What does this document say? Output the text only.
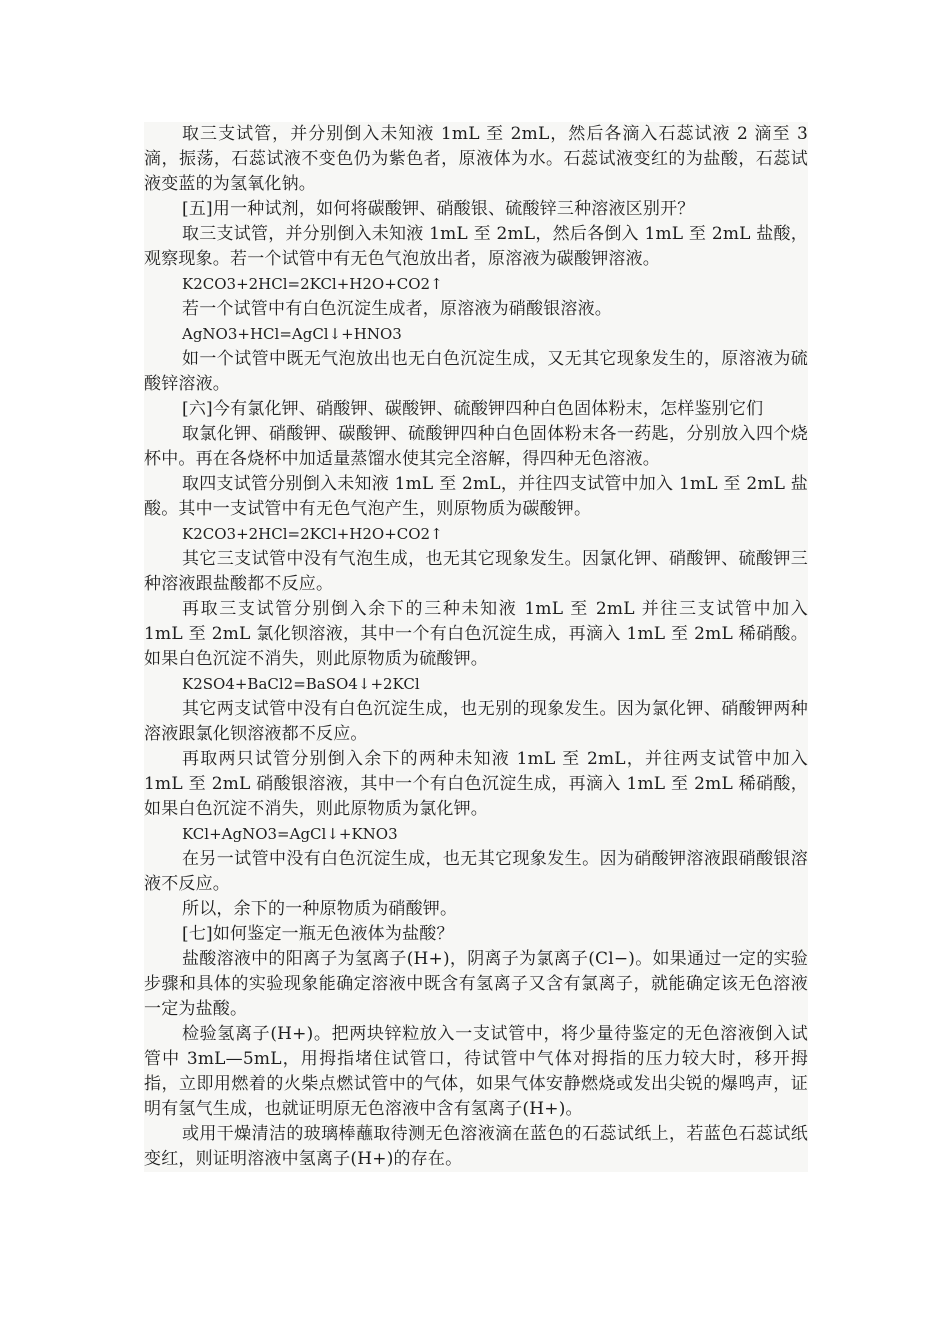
取三支试管，并分别倒入未知液 1mL 至 2mL，然后各滴入石蕊试液 2 滴至 3 滴，振荡，石蕊试液不变色仍为紫色者，原液体为水。石蕊试液变红的为盐酸，石蕊试液变蓝的为氢氧化钠。

[五]用一种试剂，如何将碳酸钾、硝酸银、硫酸锌三种溶液区别开？

取三支试管，并分别倒入未知液 1mL 至 2mL，然后各倒入 1mL 至 2mL 盐酸，观察现象。若一个试管中有无色气泡放出者，原溶液为碳酸钾溶液。

K2CO3+2HCl=2KCl+H2O+CO2↑

若一个试管中有白色沉淀生成者，原溶液为硝酸银溶液。

AgNO3+HCl=AgCl↓+HNO3

如一个试管中既无气泡放出也无白色沉淀生成，又无其它现象发生的，原溶液为硫酸锌溶液。

[六]今有氯化钾、硝酸钾、碳酸钾、硫酸钾四种白色固体粉末，怎样鉴别它们

取氯化钾、硝酸钾、碳酸钾、硫酸钾四种白色固体粉末各一药匙，分别放入四个烧杯中。再在各烧杯中加适量蒸馏水使其完全溶解，得四种无色溶液。

取四支试管分别倒入未知液 1mL 至 2mL，并往四支试管中加入 1mL 至 2mL 盐酸。其中一支试管中有无色气泡产生，则原物质为碳酸钾。

K2CO3+2HCl=2KCl+H2O+CO2↑

其它三支试管中没有气泡生成，也无其它现象发生。因氯化钾、硝酸钾、硫酸钾三种溶液跟盐酸都不反应。

再取三支试管分别倒入余下的三种未知液 1mL 至 2mL 并往三支试管中加入 1mL 至 2mL 氯化钡溶液，其中一个有白色沉淀生成，再滴入 1mL 至 2mL 稀硝酸。如果白色沉淀不消失，则此原物质为硫酸钾。

K2SO4+BaCl2=BaSO4↓+2KCl

其它两支试管中没有白色沉淀生成，也无别的现象发生。因为氯化钾、硝酸钾两种溶液跟氯化钡溶液都不反应。

再取两只试管分别倒入余下的两种未知液 1mL 至 2mL，并往两支试管中加入 1mL 至 2mL 硝酸银溶液，其中一个有白色沉淀生成，再滴入 1mL 至 2mL 稀硝酸，如果白色沉淀不消失，则此原物质为氯化钾。

KCl+AgNO3=AgCl↓+KNO3

在另一试管中没有白色沉淀生成，也无其它现象发生。因为硝酸钾溶液跟硝酸银溶液不反应。

所以，余下的一种原物质为硝酸钾。

[七]如何鉴定一瓶无色液体为盐酸？

盐酸溶液中的阳离子为氢离子(H+)，阴离子为氯离子(Cl−)。如果通过一定的实验步骤和具体的实验现象能确定溶液中既含有氢离子又含有氯离子，就能确定该无色溶液一定为盐酸。

检验氢离子(H+)。把两块锌粒放入一支试管中，将少量待鉴定的无色溶液倒入试管中 3mL—5mL，用拇指堵住试管口，待试管中气体对拇指的压力较大时，移开拇指，立即用燃着的火柴点燃试管中的气体，如果气体安静燃烧或发出尖锐的爆鸣声，证明有氢气生成，也就证明原无色溶液中含有氢离子(H+)。

或用干燥清洁的玻璃棒蘸取待测无色溶液滴在蓝色的石蕊试纸上，若蓝色石蕊试纸变红，则证明溶液中氢离子(H+)的存在。
